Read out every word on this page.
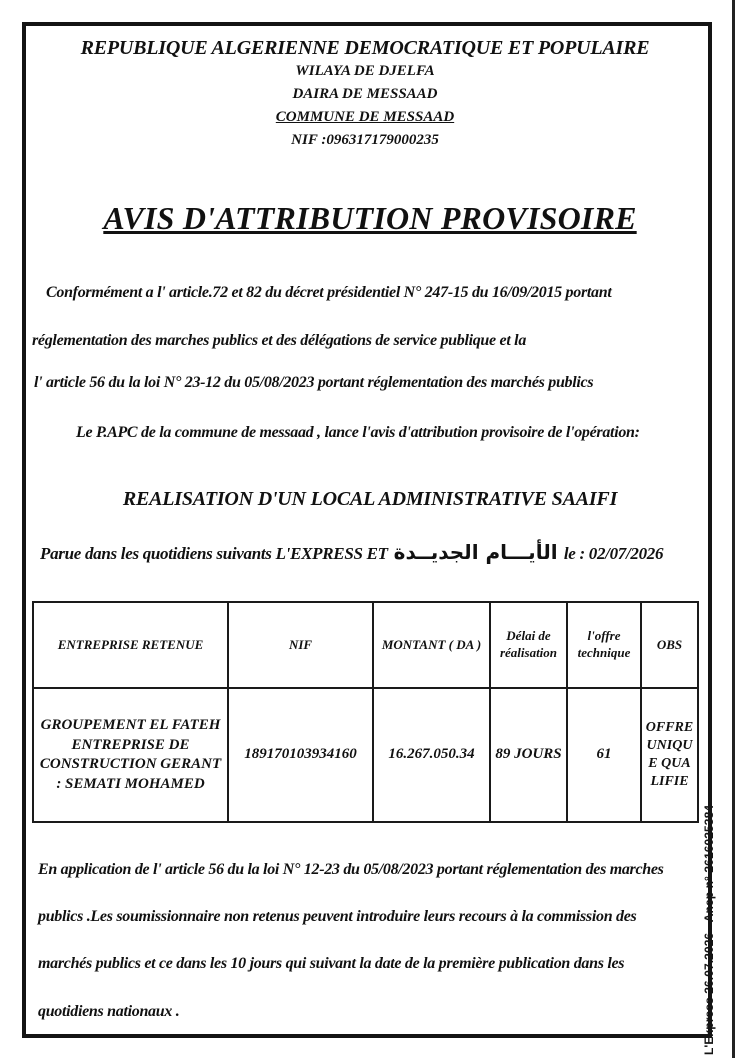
L'Express 26.07.2026 - Anep n° 2616025384
REPUBLIQUE ALGERIENNE DEMOCRATIQUE ET POPULAIRE
WILAYA DE DJELFA
DAIRA DE MESSAAD
COMMUNE DE MESSAAD
NIF :096317179000235
AVIS D'ATTRIBUTION PROVISOIRE
Conformément a l' article.72 et 82 du décret présidentiel N° 247-15 du 16/09/2015 portant
réglementation des marches publics et des délégations de service publique et la
l' article 56 du la loi N° 23-12 du 05/08/2023 portant réglementation des marchés publics
Le P.APC de la commune de messaad , lance l'avis d'attribution provisoire de l'opération:
REALISATION D'UN LOCAL ADMINISTRATIVE SAAIFI
Parue dans les quotidiens suivants L'EXPRESS ET الأيـــام الجديــدة le : 02/07/2026
ENTREPRISE RETENUE	NIF	MONTANT ( DA )	Délai de réalisation	l'offre technique	OBS
GROUPEMENT EL FATEH ENTREPRISE DE CONSTRUCTION GERANT : SEMATI MOHAMED	189170103934160	16.267.050.34	89 JOURS	61	OFFRE UNIQUE QUALIFIE
En application de l' article 56 du la loi N° 12-23 du 05/08/2023 portant réglementation des marches publics .Les soumissionnaire non retenus peuvent introduire leurs recours à la commission des marchés publics et ce dans les 10 jours qui suivant la date de la première publication dans les quotidiens nationaux .
